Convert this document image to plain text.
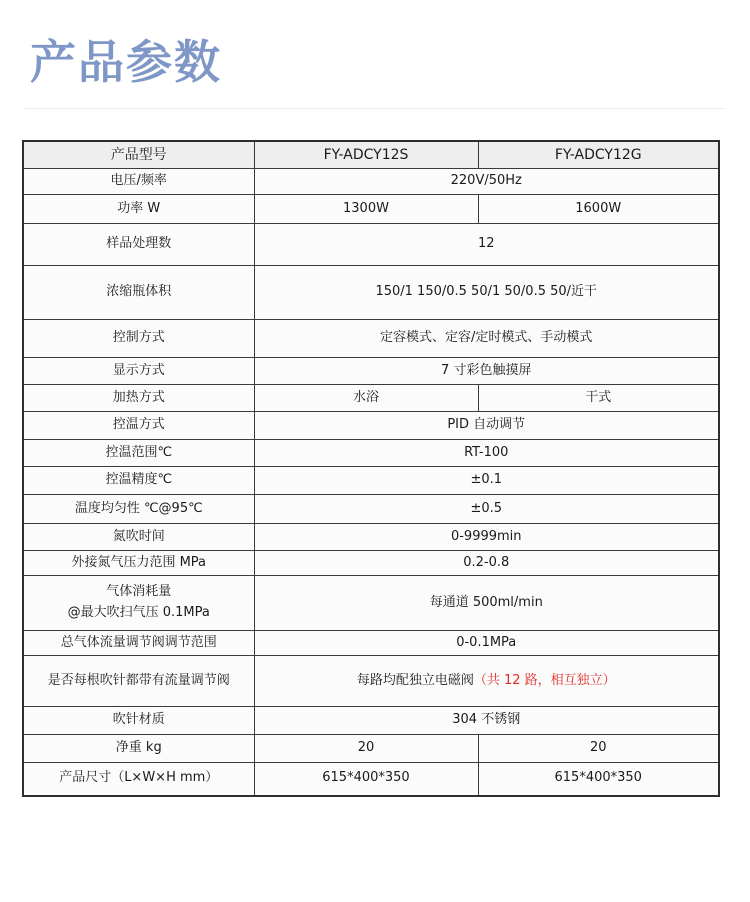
产品参数
产品型号	FY-ADCY12S	FY-ADCY12G
电压/频率	220V/50Hz	
功率 W	1300W	1600W
样品处理数	12	
浓缩瓶体积	150/1 150/0.5 50/1 50/0.5 50/近干	
控制方式	定容模式、定容/定时模式、手动模式	
显示方式	7 寸彩色触摸屏	
加热方式	水浴	干式
控温方式	PID 自动调节	
控温范围℃	RT-100	
控温精度℃	±0.1	
温度均匀性 ℃@95℃	±0.5	
氮吹时间	0-9999min	
外接氮气压力范围 MPa	0.2-0.8	

气体消耗量
@最大吹扫气压 0.1MPa	每通道 500ml/min	
总气体流量调节阀调节范围	0-0.1MPa	
是否每根吹针都带有流量调节阀	每路均配独立电磁阀（共 12 路，相互独立）	
吹针材质	304 不锈钢	
净重 kg	20	20
产品尺寸（L×W×H mm）	615*400*350	615*400*350
